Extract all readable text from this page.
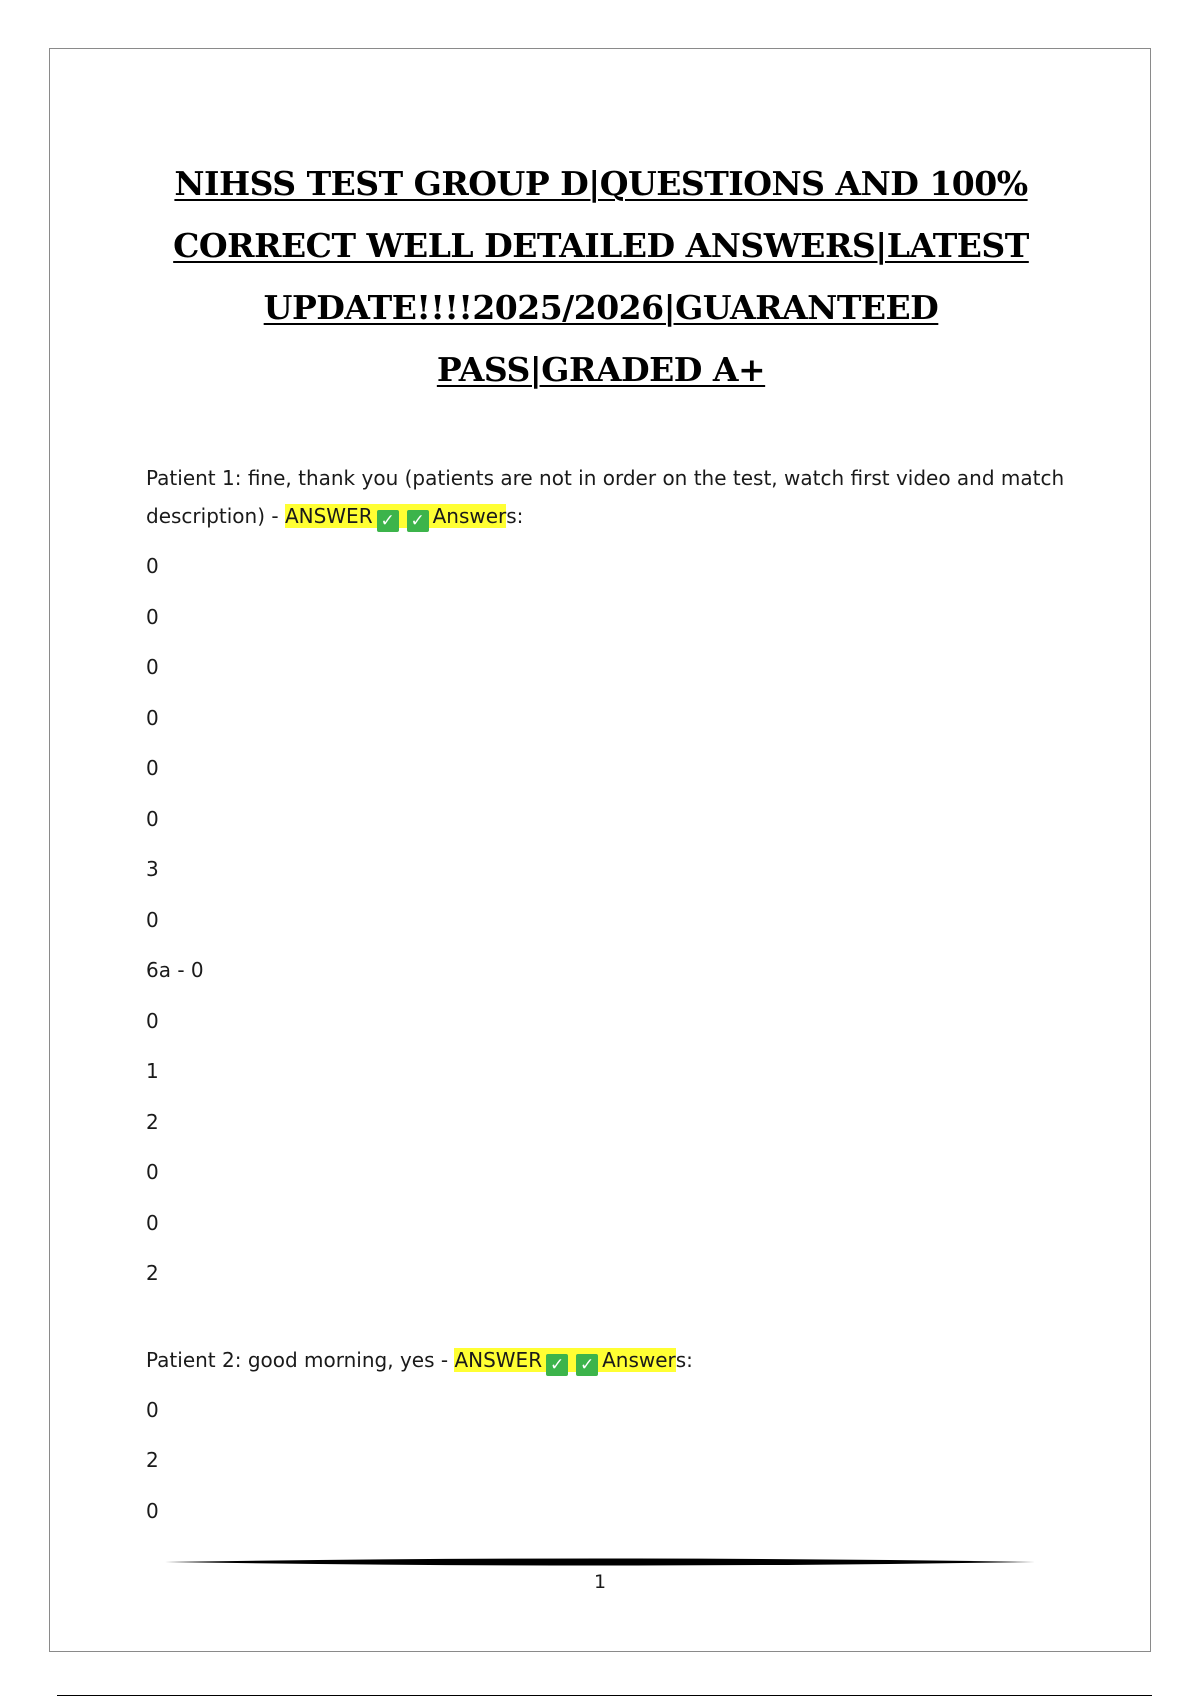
NIHSS TEST GROUP D|QUESTIONS AND 100% CORRECT WELL DETAILED ANSWERS|LATEST UPDATE!!!!2025/2026|GUARANTEED PASS|GRADED A+

Patient 1: fine, thank you (patients are not in order on the test, watch first video and match description) - ANSWER ✓ ✓ Answers:

0
0
0
0
0
0
3
0
6a - 0
0
1
2
0
0
2

Patient 2: good morning, yes - ANSWER ✓ ✓ Answers:

0
2
0
1
